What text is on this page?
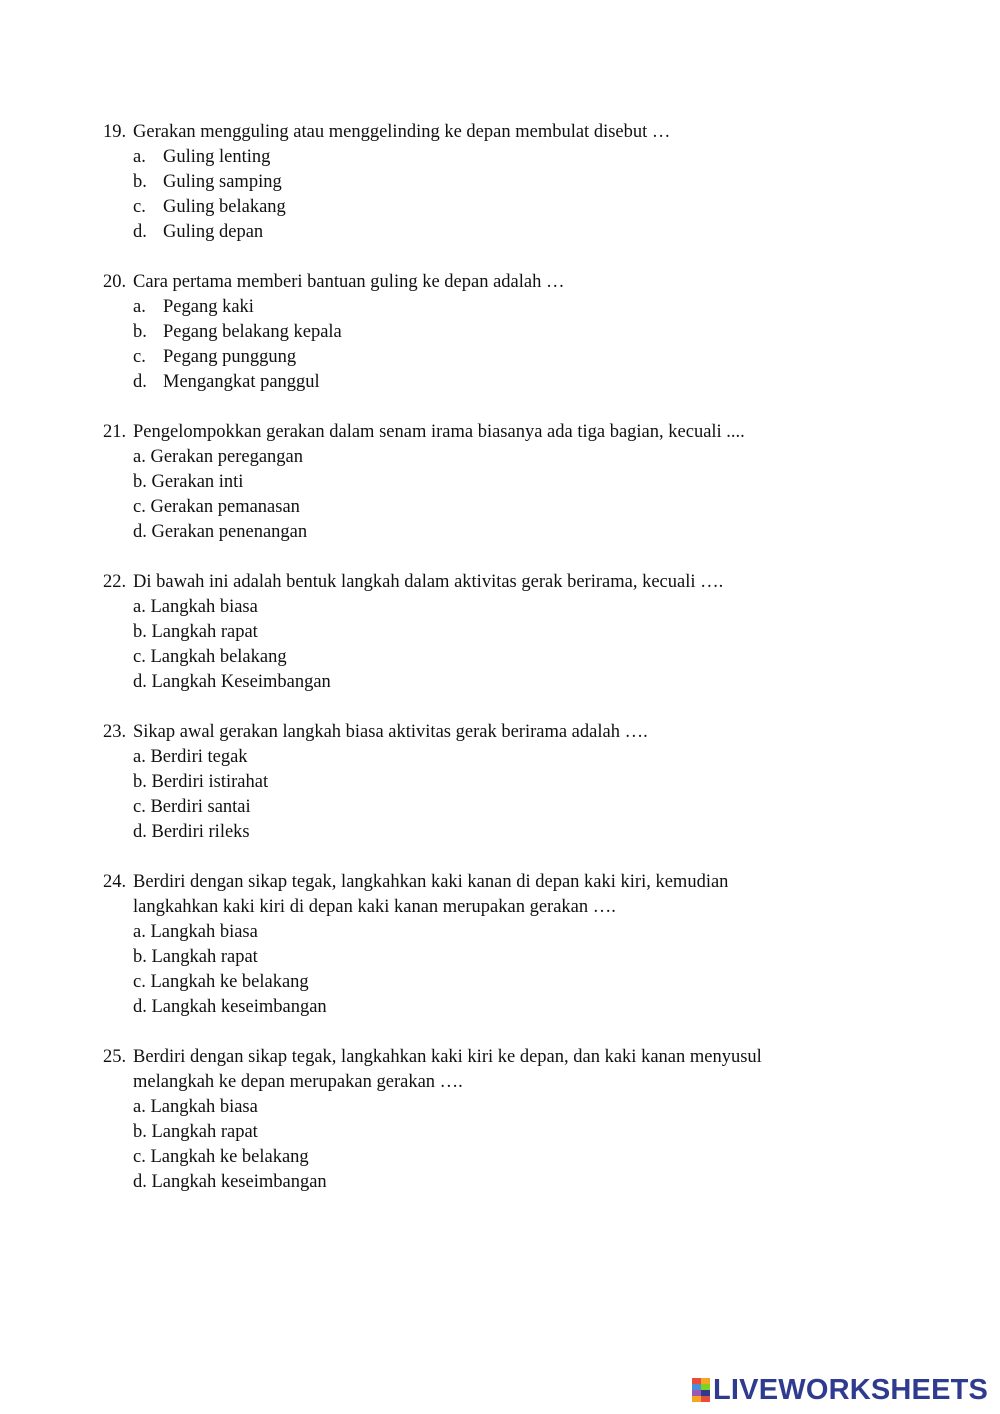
19. Gerakan mengguling atau menggelinding ke depan membulat disebut …
a. Guling lenting
b. Guling samping
c. Guling belakang
d. Guling depan
20. Cara pertama memberi bantuan guling ke depan adalah …
a. Pegang kaki
b. Pegang belakang kepala
c. Pegang punggung
d. Mengangkat panggul
21. Pengelompokkan gerakan dalam senam irama biasanya ada tiga bagian, kecuali ....
a. Gerakan peregangan
b. Gerakan inti
c. Gerakan pemanasan
d. Gerakan penenangan
22. Di bawah ini adalah bentuk langkah dalam aktivitas gerak berirama, kecuali ….
a. Langkah biasa
b. Langkah rapat
c. Langkah belakang
d. Langkah Keseimbangan
23. Sikap awal gerakan langkah biasa aktivitas gerak berirama adalah ….
a. Berdiri tegak
b. Berdiri istirahat
c. Berdiri santai
d. Berdiri rileks
24. Berdiri dengan sikap tegak, langkahkan kaki kanan di depan kaki kiri, kemudian
langkahkan kaki kiri di depan kaki kanan merupakan gerakan ….
a. Langkah biasa
b. Langkah rapat
c. Langkah ke belakang
d. Langkah keseimbangan
25. Berdiri dengan sikap tegak, langkahkan kaki kiri ke depan, dan kaki kanan menyusul
melangkah ke depan merupakan gerakan ….
a. Langkah biasa
b. Langkah rapat
c. Langkah ke belakang
d. Langkah keseimbangan
LIVEWORKSHEETS
